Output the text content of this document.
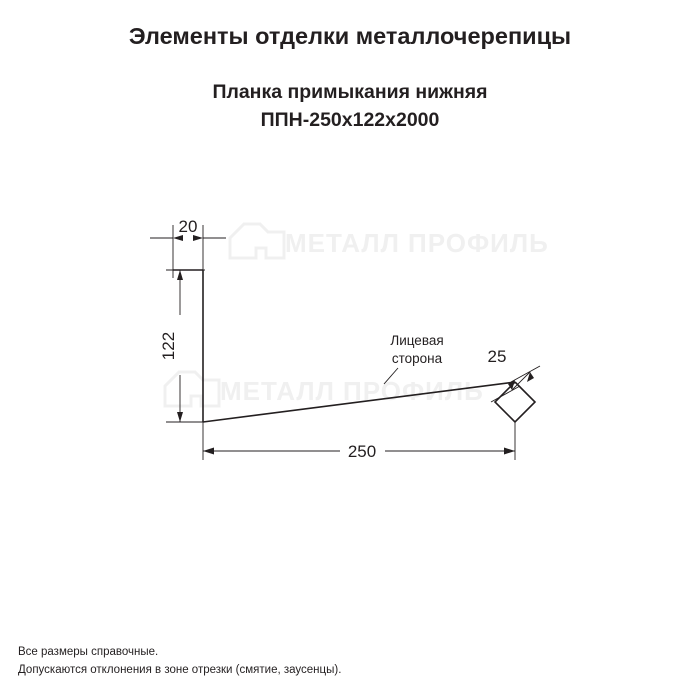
Элементы отделки металлочерепицы
Планка примыкания нижняя
ППН-250х122х2000
МЕТАЛЛ ПРОФИЛЬ
МЕТАЛЛ ПРОФИЛЬ
20
122
250
25
Лицевая
сторона
Все размеры справочные.
Допускаются отклонения в зоне отрезки (смятие, заусенцы).
